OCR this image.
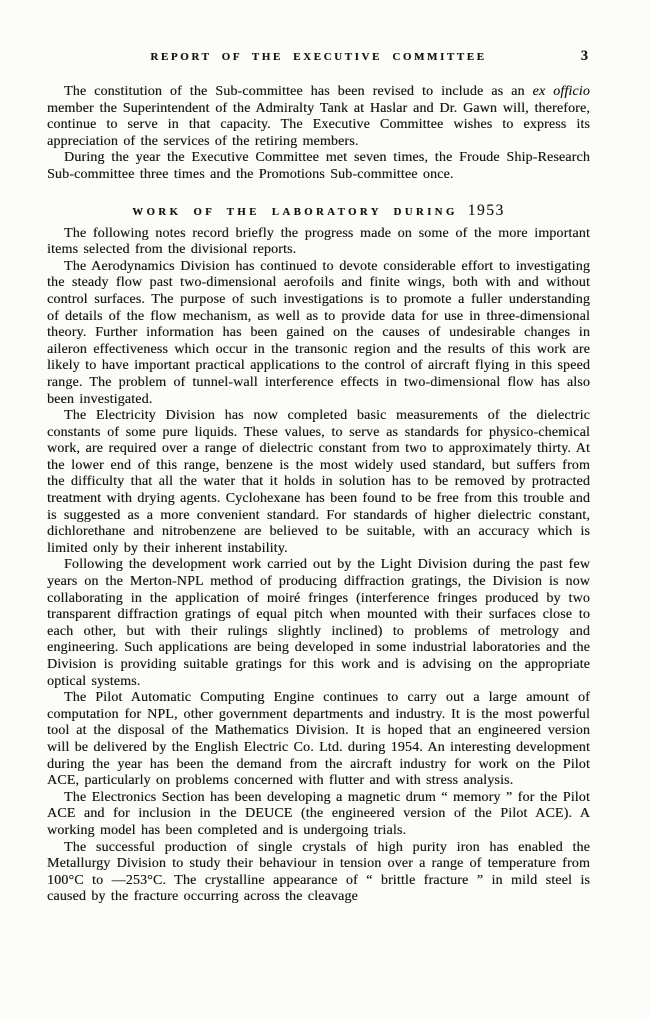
REPORT OF THE EXECUTIVE COMMITTEE	3

The constitution of the Sub-committee has been revised to include as an ex officio member the Superintendent of the Admiralty Tank at Haslar and Dr. Gawn will, therefore, continue to serve in that capacity. The Executive Committee wishes to express its appreciation of the services of the retiring members.

During the year the Executive Committee met seven times, the Froude Ship-Research Sub-committee three times and the Promotions Sub-committee once.

WORK OF THE LABORATORY DURING 1953

The following notes record briefly the progress made on some of the more important items selected from the divisional reports.

The Aerodynamics Division has continued to devote considerable effort to investigating the steady flow past two-dimensional aerofoils and finite wings, both with and without control surfaces. The purpose of such investigations is to promote a fuller understanding of details of the flow mechanism, as well as to provide data for use in three-dimensional theory. Further information has been gained on the causes of undesirable changes in aileron effectiveness which occur in the transonic region and the results of this work are likely to have important practical applications to the control of aircraft flying in this speed range. The problem of tunnel-wall interference effects in two-dimensional flow has also been investigated.

The Electricity Division has now completed basic measurements of the dielectric constants of some pure liquids. These values, to serve as standards for physico-chemical work, are required over a range of dielectric constant from two to approximately thirty. At the lower end of this range, benzene is the most widely used standard, but suffers from the difficulty that all the water that it holds in solution has to be removed by protracted treatment with drying agents. Cyclohexane has been found to be free from this trouble and is suggested as a more convenient standard. For standards of higher dielectric constant, dichlorethane and nitrobenzene are believed to be suitable, with an accuracy which is limited only by their inherent instability.

Following the development work carried out by the Light Division during the past few years on the Merton-NPL method of producing diffraction gratings, the Division is now collaborating in the application of moiré fringes (interference fringes produced by two transparent diffraction gratings of equal pitch when mounted with their surfaces close to each other, but with their rulings slightly inclined) to problems of metrology and engineering. Such applications are being developed in some industrial laboratories and the Division is providing suitable gratings for this work and is advising on the appropriate optical systems.

The Pilot Automatic Computing Engine continues to carry out a large amount of computation for NPL, other government departments and industry. It is the most powerful tool at the disposal of the Mathematics Division. It is hoped that an engineered version will be delivered by the English Electric Co. Ltd. during 1954. An interesting development during the year has been the demand from the aircraft industry for work on the Pilot ACE, particularly on problems concerned with flutter and with stress analysis.

The Electronics Section has been developing a magnetic drum “ memory ” for the Pilot ACE and for inclusion in the DEUCE (the engineered version of the Pilot ACE). A working model has been completed and is undergoing trials.

The successful production of single crystals of high purity iron has enabled the Metallurgy Division to study their behaviour in tension over a range of temperature from 100°C to —253°C. The crystalline appearance of “ brittle fracture ” in mild steel is caused by the fracture occurring across the cleavage
